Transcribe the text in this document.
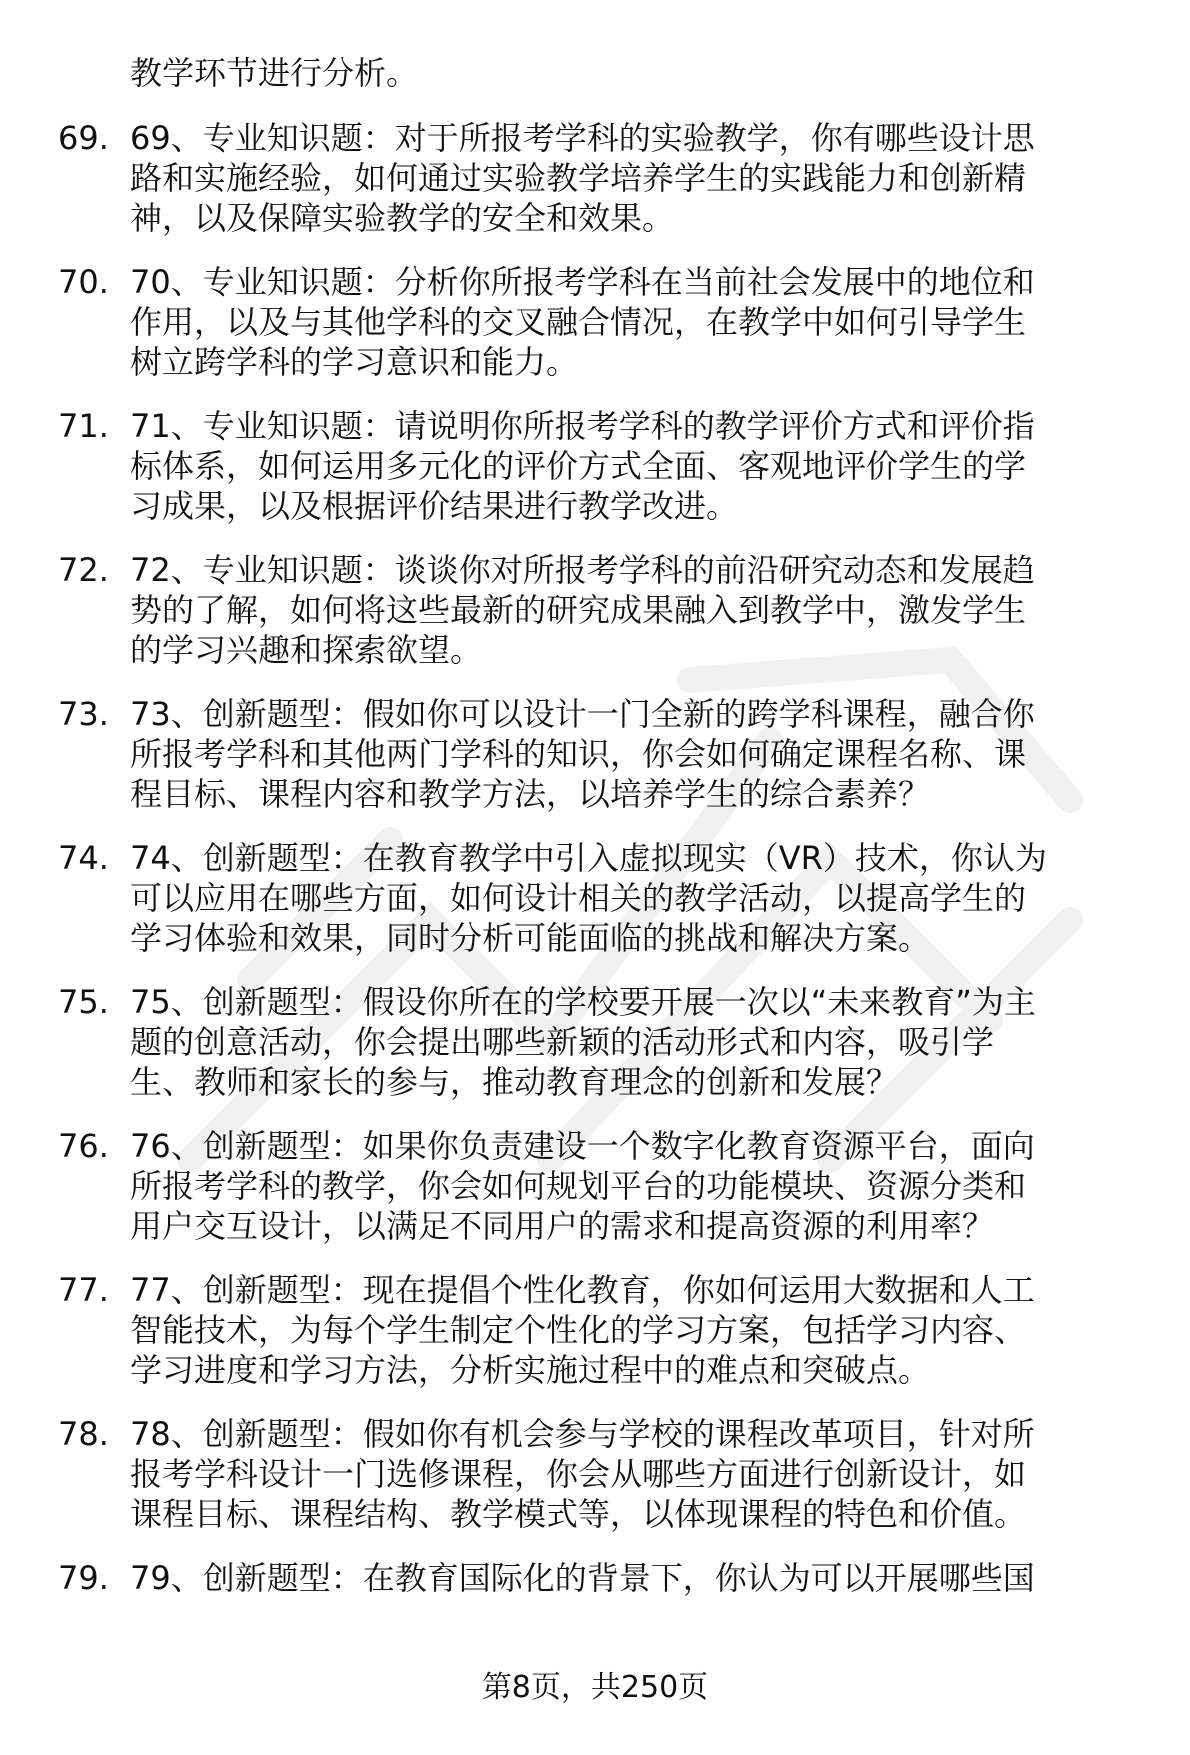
教学环节进行分析。
69. 69、专业知识题：对于所报考学科的实验教学，你有哪些设计思
路和实施经验，如何通过实验教学培养学生的实践能力和创新精
神，以及保障实验教学的安全和效果。
70. 70、专业知识题：分析你所报考学科在当前社会发展中的地位和
作用，以及与其他学科的交叉融合情况，在教学中如何引导学生
树立跨学科的学习意识和能力。
71. 71、专业知识题：请说明你所报考学科的教学评价方式和评价指
标体系，如何运用多元化的评价方式全面、客观地评价学生的学
习成果，以及根据评价结果进行教学改进。
72. 72、专业知识题：谈谈你对所报考学科的前沿研究动态和发展趋
势的了解，如何将这些最新的研究成果融入到教学中，激发学生
的学习兴趣和探索欲望。
73. 73、创新题型：假如你可以设计一门全新的跨学科课程，融合你
所报考学科和其他两门学科的知识，你会如何确定课程名称、课
程目标、课程内容和教学方法，以培养学生的综合素养？
74. 74、创新题型：在教育教学中引入虚拟现实（VR）技术，你认为
可以应用在哪些方面，如何设计相关的教学活动，以提高学生的
学习体验和效果，同时分析可能面临的挑战和解决方案。
75. 75、创新题型：假设你所在的学校要开展一次以“未来教育”为主
题的创意活动，你会提出哪些新颖的活动形式和内容，吸引学
生、教师和家长的参与，推动教育理念的创新和发展？
76. 76、创新题型：如果你负责建设一个数字化教育资源平台，面向
所报考学科的教学，你会如何规划平台的功能模块、资源分类和
用户交互设计，以满足不同用户的需求和提高资源的利用率？
77. 77、创新题型：现在提倡个性化教育，你如何运用大数据和人工
智能技术，为每个学生制定个性化的学习方案，包括学习内容、
学习进度和学习方法，分析实施过程中的难点和突破点。
78. 78、创新题型：假如你有机会参与学校的课程改革项目，针对所
报考学科设计一门选修课程，你会从哪些方面进行创新设计，如
课程目标、课程结构、教学模式等，以体现课程的特色和价值。
79. 79、创新题型：在教育国际化的背景下，你认为可以开展哪些国
第8页，共250页
